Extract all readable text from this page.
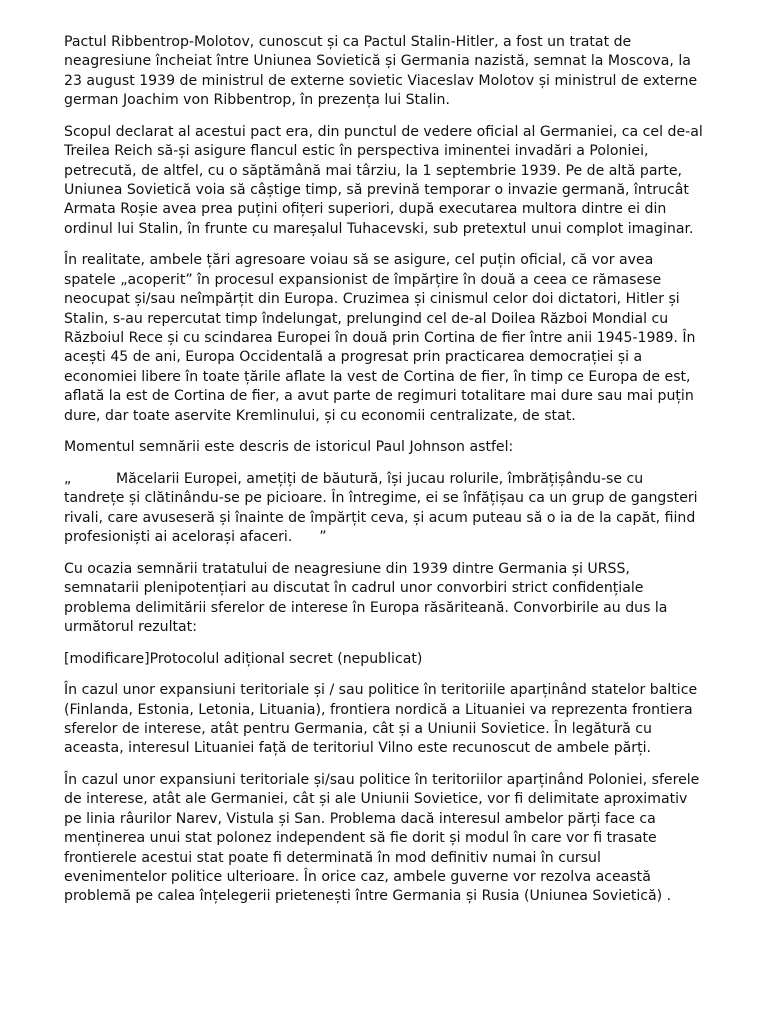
Pactul Ribbentrop-Molotov, cunoscut și ca Pactul Stalin-Hitler, a fost un tratat de neagresiune încheiat între Uniunea Sovietică și Germania nazistă, semnat la Moscova, la 23 august 1939 de ministrul de externe sovietic Viaceslav Molotov și ministrul de externe german Joachim von Ribbentrop, în prezența lui Stalin.

Scopul declarat al acestui pact era, din punctul de vedere oficial al Germaniei, ca cel de-al Treilea Reich să-și asigure flancul estic în perspectiva iminentei invadări a Poloniei, petrecută, de altfel, cu o săptămână mai târziu, la 1 septembrie 1939. Pe de altă parte, Uniunea Sovietică voia să câștige timp, să prevină temporar o invazie germană, întrucât Armata Roșie avea prea puțini ofițeri superiori, după executarea multora dintre ei din ordinul lui Stalin, în frunte cu mareșalul Tuhacevski, sub pretextul unui complot imaginar.

În realitate, ambele țări agresoare voiau să se asigure, cel puțin oficial, că vor avea spatele „acoperit” în procesul expansionist de împărțire în două a ceea ce rămasese neocupat și/sau neîmpărțit din Europa. Cruzimea și cinismul celor doi dictatori, Hitler și Stalin, s-au repercutat timp îndelungat, prelungind cel de-al Doilea Război Mondial cu Războiul Rece și cu scindarea Europei în două prin Cortina de fier între anii 1945-1989. În acești 45 de ani, Europa Occidentală a progresat prin practicarea democrației și a economiei libere în toate țările aflate la vest de Cortina de fier, în timp ce Europa de est, aflată la est de Cortina de fier, a avut parte de regimuri totalitare mai dure sau mai puțin dure, dar toate aservite Kremlinului, și cu economii centralizate, de stat.

Momentul semnării este descris de istoricul Paul Johnson astfel:

„	Măcelarii Europei, amețiți de băutură, își jucau rolurile, îmbrățișându-se cu tandrețe și clătinându-se pe picioare. În întregime, ei se înfățișau ca un grup de gangsteri rivali, care avuseseră și înainte de împărțit ceva, și acum puteau să o ia de la capăt, fiind profesioniști ai acelorași afaceri. ”

Cu ocazia semnării tratatului de neagresiune din 1939 dintre Germania și URSS, semnatarii plenipotențiari au discutat în cadrul unor convorbiri strict confidențiale problema delimitării sferelor de interese în Europa răsăriteană. Convorbirile au dus la următorul rezultat:

[modificare]Protocolul adițional secret (nepublicat)

În cazul unor expansiuni teritoriale și / sau politice în teritoriile aparținând statelor baltice (Finlanda, Estonia, Letonia, Lituania), frontiera nordică a Lituaniei va reprezenta frontiera sferelor de interese, atât pentru Germania, cât și a Uniunii Sovietice. În legătură cu aceasta, interesul Lituaniei față de teritoriul Vilno este recunoscut de ambele părți.

În cazul unor expansiuni teritoriale și/sau politice în teritoriilor aparținând Poloniei, sferele de interese, atât ale Germaniei, cât și ale Uniunii Sovietice, vor fi delimitate aproximativ pe linia râurilor Narev, Vistula și San. Problema dacă interesul ambelor părți face ca menținerea unui stat polonez independent să fie dorit și modul în care vor fi trasate frontierele acestui stat poate fi determinată în mod definitiv numai în cursul evenimentelor politice ulterioare. În orice caz, ambele guverne vor rezolva această problemă pe calea înțelegerii prietenești între Germania și Rusia (Uniunea Sovietică) .
